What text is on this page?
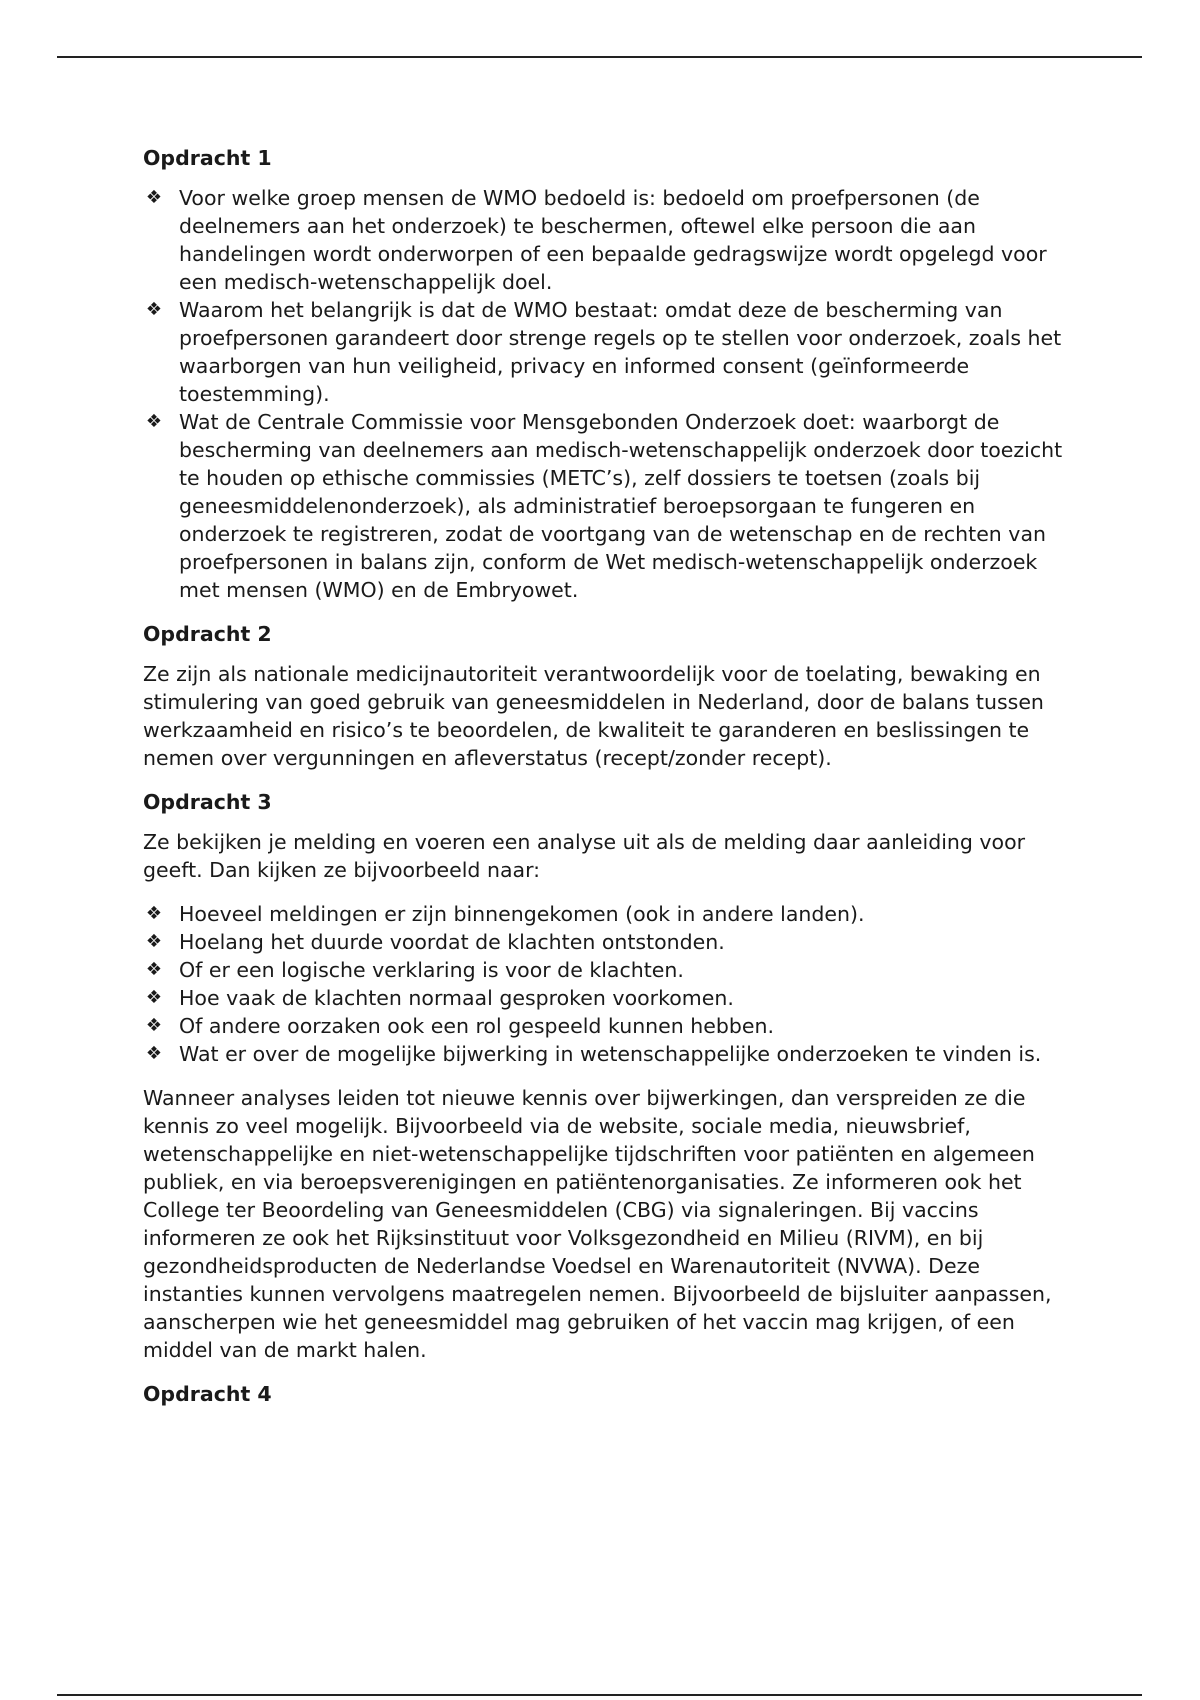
Opdracht 1
❖ Voor welke groep mensen de WMO bedoeld is: bedoeld om proefpersonen (de deelnemers aan het onderzoek) te beschermen, oftewel elke persoon die aan handelingen wordt onderworpen of een bepaalde gedragswijze wordt opgelegd voor een medisch-wetenschappelijk doel.
❖ Waarom het belangrijk is dat de WMO bestaat: omdat deze de bescherming van proefpersonen garandeert door strenge regels op te stellen voor onderzoek, zoals het waarborgen van hun veiligheid, privacy en informed consent (geïnformeerde toestemming).
❖ Wat de Centrale Commissie voor Mensgebonden Onderzoek doet: waarborgt de bescherming van deelnemers aan medisch-wetenschappelijk onderzoek door toezicht te houden op ethische commissies (METC’s), zelf dossiers te toetsen (zoals bij geneesmiddelenonderzoek), als administratief beroepsorgaan te fungeren en onderzoek te registreren, zodat de voortgang van de wetenschap en de rechten van proefpersonen in balans zijn, conform de Wet medisch-wetenschappelijk onderzoek met mensen (WMO) en de Embryowet.
Opdracht 2

Ze zijn als nationale medicijnautoriteit verantwoordelijk voor de toelating, bewaking en stimulering van goed gebruik van geneesmiddelen in Nederland, door de balans tussen werkzaamheid en risico’s te beoordelen, de kwaliteit te garanderen en beslissingen te nemen over vergunningen en afleverstatus (recept/zonder recept).

Opdracht 3

Ze bekijken je melding en voeren een analyse uit als de melding daar aanleiding voor geeft. Dan kijken ze bijvoorbeeld naar:

❖ Hoeveel meldingen er zijn binnengekomen (ook in andere landen).
❖ Hoelang het duurde voordat de klachten ontstonden.
❖ Of er een logische verklaring is voor de klachten.
❖ Hoe vaak de klachten normaal gesproken voorkomen.
❖ Of andere oorzaken ook een rol gespeeld kunnen hebben.
❖ Wat er over de mogelijke bijwerking in wetenschappelijke onderzoeken te vinden is.

Wanneer analyses leiden tot nieuwe kennis over bijwerkingen, dan verspreiden ze die kennis zo veel mogelijk. Bijvoorbeeld via de website, sociale media, nieuwsbrief, wetenschappelijke en niet-wetenschappelijke tijdschriften voor patiënten en algemeen publiek, en via beroepsverenigingen en patiëntenorganisaties. Ze informeren ook het College ter Beoordeling van Geneesmiddelen (CBG) via signaleringen. Bij vaccins informeren ze ook het Rijksinstituut voor Volksgezondheid en Milieu (RIVM), en bij gezondheidsproducten de Nederlandse Voedsel en Warenautoriteit (NVWA). Deze instanties kunnen vervolgens maatregelen nemen. Bijvoorbeeld de bijsluiter aanpassen, aanscherpen wie het geneesmiddel mag gebruiken of het vaccin mag krijgen, of een middel van de markt halen.

Opdracht 4
